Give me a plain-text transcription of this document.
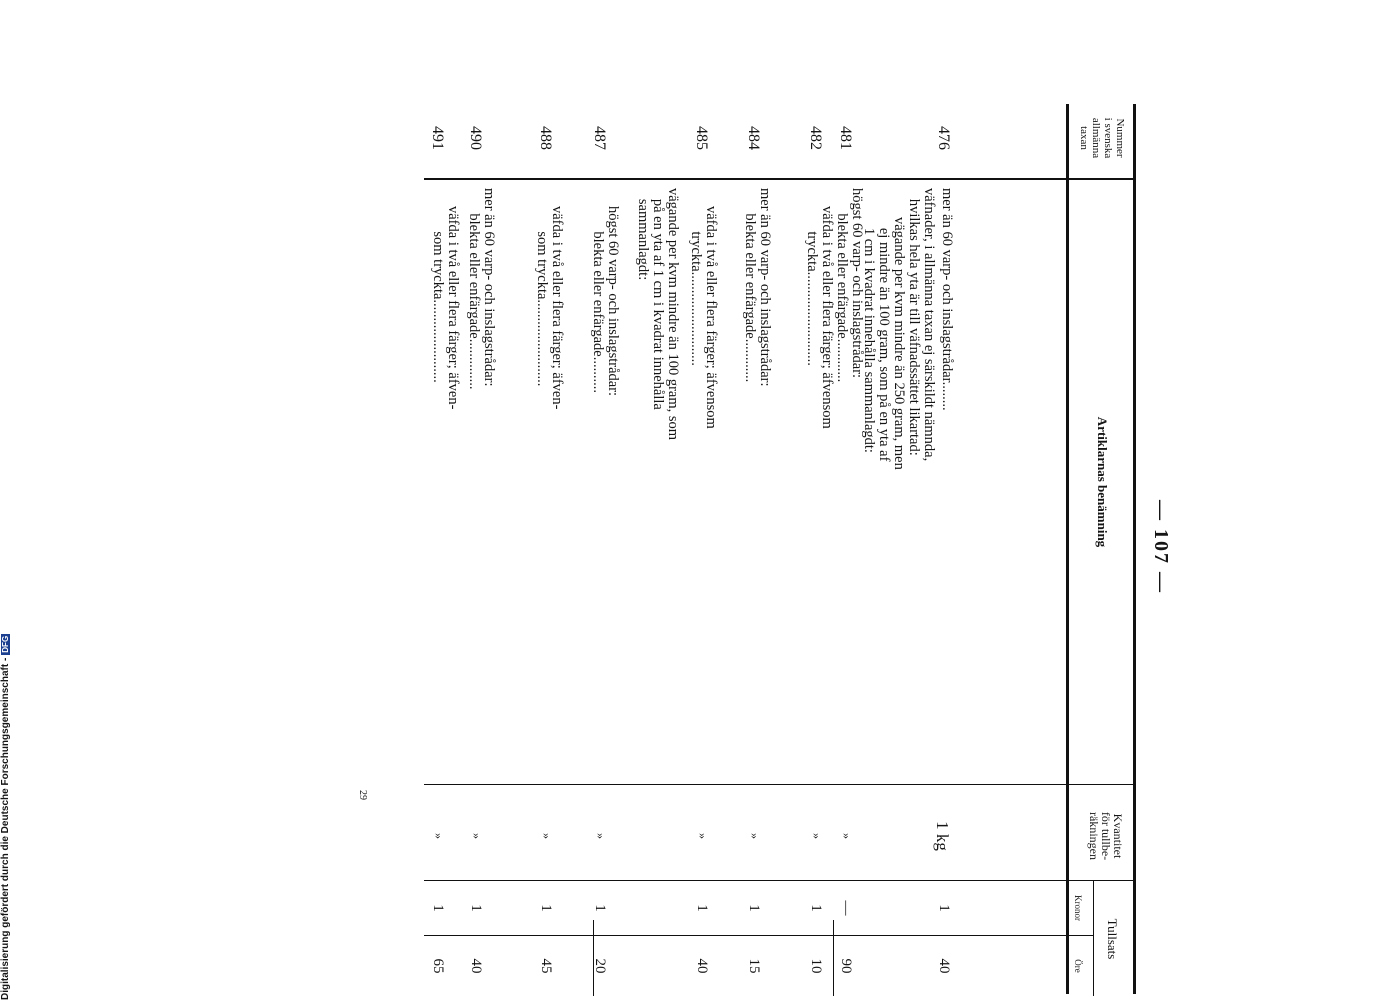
— 107 —
Nummer
i svenska
allmänna
taxan
Artiklarnas benämning
Kvantitet
för tullbe-
räkningen
Tullsats
Kronor
Öre
476
mer än 60 varp- och inslagstrådar........
1 kg
1
40
väfnader, i allmänna taxan ej särskildt nämnda,
hvilkas hela yta är till väfnadssättet likartad:
vägande per kvm mindre än 250 gram, men
ej mindre än 100 gram, som på en yta af
1 cm i kvadrat innehålla sammanlagdt:
481
högst 60 varp- och inslagstrådar:
blekta eller enfärgade............
»
—
90
482
väfda i två eller flera färger; äfvensom
tryckta..........................
»
1
10
484
mer än 60 varp- och inslagstrådar:
blekta eller enfärgade............
»
1
15
485
väfda i två eller flera färger; äfvensom
tryckta..........................
»
1
40
vägande per kvm mindre än 100 gram, som
på en yta af 1 cm i kvadrat innehålla
sammanlagdt:
487
högst 60 varp- och inslagstrådar:
blekta eller enfärgade..........
»
1
20
488
väfda i två eller flera färger; äfven-
som tryckta........................
»
1
45
490
mer än 60 varp- och inslagstrådar:
blekta eller enfärgade..............
»
1
40
491
väfda i två eller flera färger; äfven-
som tryckta.......................
»
1
65
29
Digitalisierung gefördert durch die Deutsche Forschungsgemeinschaft -DFG
